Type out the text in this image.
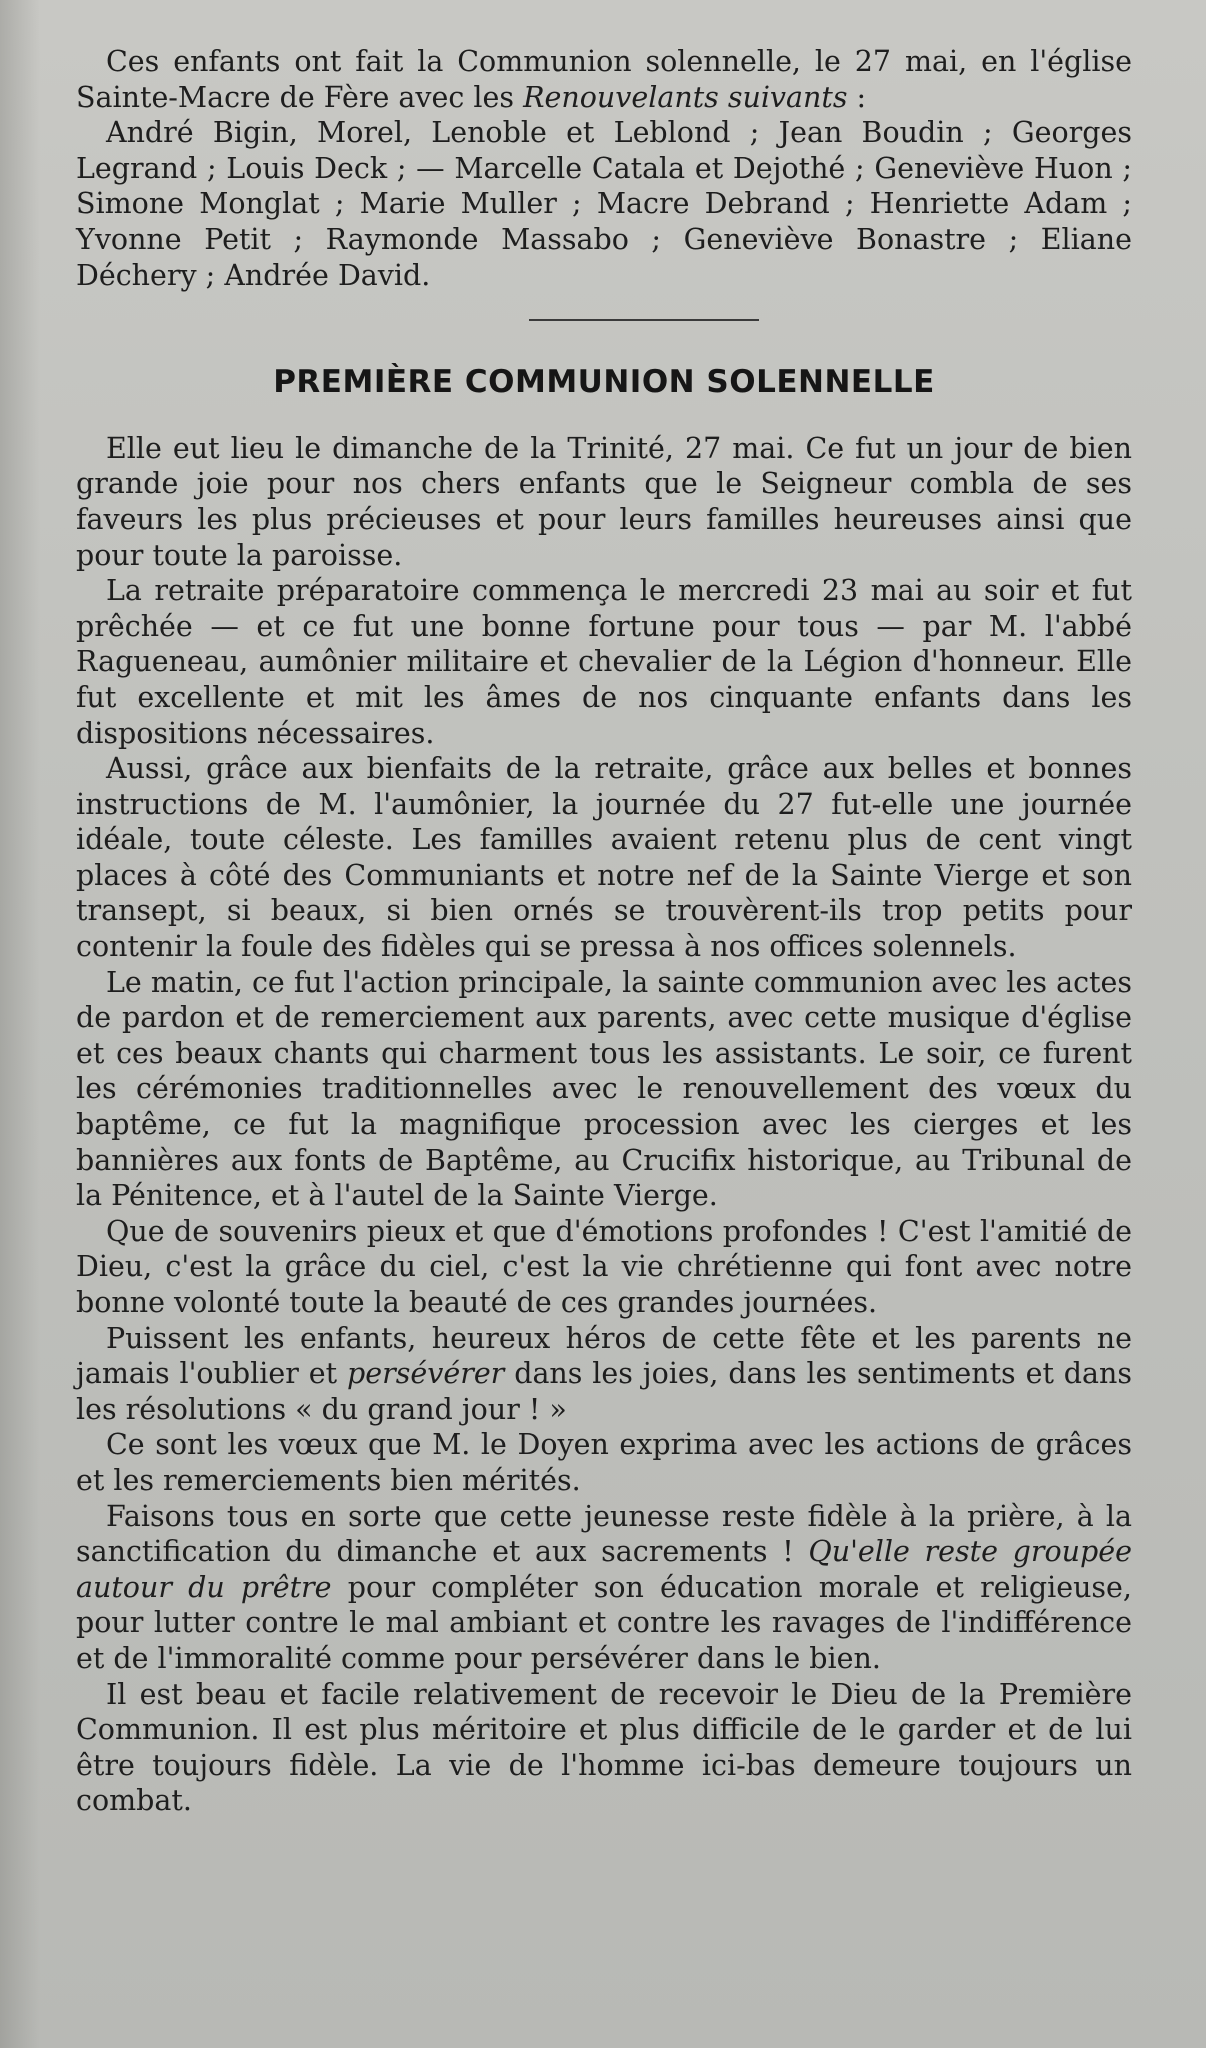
Ces enfants ont fait la Communion solennelle, le 27 mai, en l'église Sainte-Macre de Fère avec les Renouvelants suivants :

André Bigin, Morel, Lenoble et Leblond ; Jean Boudin ; Georges Legrand ; Louis Deck ; — Marcelle Catala et Dejothé ; Geneviève Huon ; Simone Monglat ; Marie Muller ; Macre Debrand ; Henriette Adam ; Yvonne Petit ; Raymonde Massabo ; Geneviève Bonastre ; Eliane Déchery ; Andrée David.

PREMIÈRE COMMUNION SOLENNELLE

Elle eut lieu le dimanche de la Trinité, 27 mai. Ce fut un jour de bien grande joie pour nos chers enfants que le Seigneur combla de ses faveurs les plus précieuses et pour leurs familles heureuses ainsi que pour toute la paroisse.

La retraite préparatoire commença le mercredi 23 mai au soir et fut prêchée — et ce fut une bonne fortune pour tous — par M. l'abbé Ragueneau, aumônier militaire et chevalier de la Légion d'honneur. Elle fut excellente et mit les âmes de nos cinquante enfants dans les dispositions nécessaires.

Aussi, grâce aux bienfaits de la retraite, grâce aux belles et bonnes instructions de M. l'aumônier, la journée du 27 fut-elle une journée idéale, toute céleste. Les familles avaient retenu plus de cent vingt places à côté des Communiants et notre nef de la Sainte Vierge et son transept, si beaux, si bien ornés se trouvèrent-ils trop petits pour contenir la foule des fidèles qui se pressa à nos offices solennels.

Le matin, ce fut l'action principale, la sainte communion avec les actes de pardon et de remerciement aux parents, avec cette musique d'église et ces beaux chants qui charment tous les assistants. Le soir, ce furent les cérémonies traditionnelles avec le renouvellement des vœux du baptême, ce fut la magnifique procession avec les cierges et les bannières aux fonts de Baptême, au Crucifix historique, au Tribunal de la Pénitence, et à l'autel de la Sainte Vierge.

Que de souvenirs pieux et que d'émotions profondes ! C'est l'amitié de Dieu, c'est la grâce du ciel, c'est la vie chrétienne qui font avec notre bonne volonté toute la beauté de ces grandes journées.

Puissent les enfants, heureux héros de cette fête et les parents ne jamais l'oublier et persévérer dans les joies, dans les sentiments et dans les résolutions « du grand jour ! »

Ce sont les vœux que M. le Doyen exprima avec les actions de grâces et les remerciements bien mérités.

Faisons tous en sorte que cette jeunesse reste fidèle à la prière, à la sanctification du dimanche et aux sacrements ! Qu'elle reste groupée autour du prêtre pour compléter son éducation morale et religieuse, pour lutter contre le mal ambiant et contre les ravages de l'indifférence et de l'immoralité comme pour persévérer dans le bien.

Il est beau et facile relativement de recevoir le Dieu de la Première Communion. Il est plus méritoire et plus difficile de le garder et de lui être toujours fidèle. La vie de l'homme ici-bas demeure toujours un combat.
